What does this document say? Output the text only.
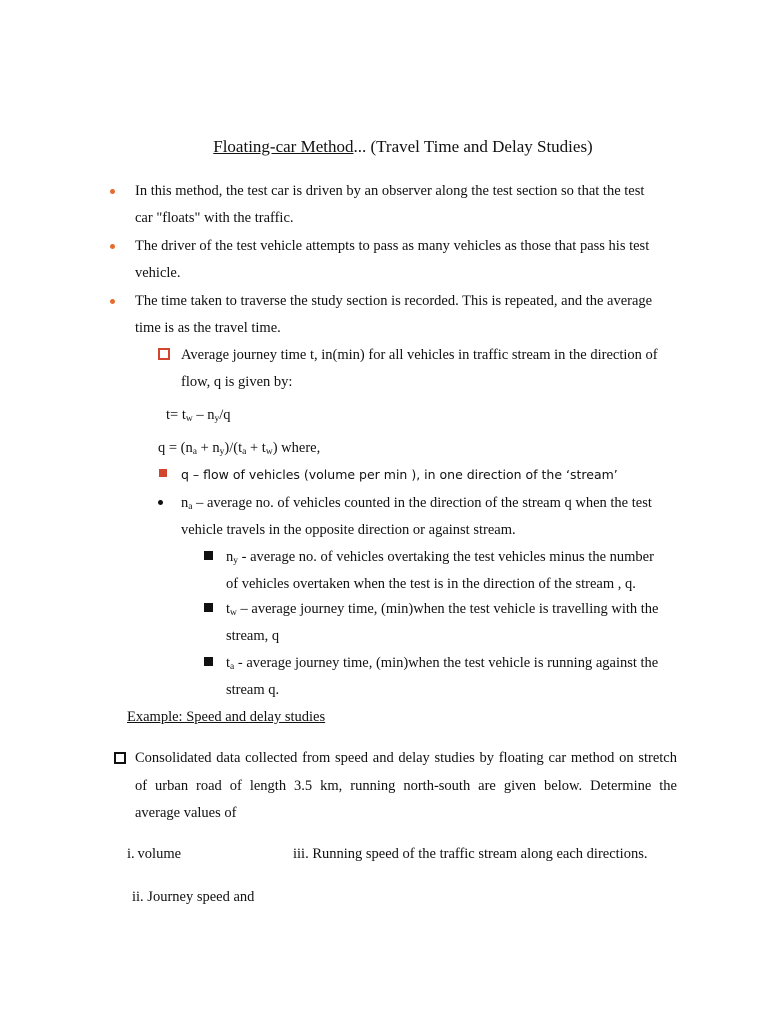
Floating-car Method... (Travel Time and Delay Studies)
In this method, the test car is driven by an observer along the test section so that the test
car "floats" with the traffic.
The driver of the test vehicle attempts to pass as many vehicles as those that pass his test
vehicle.
The time taken to traverse the study section is recorded. This is repeated, and the average
time is as the travel time.
Average journey time t, in(min) for all vehicles in traffic stream in the direction of
flow, q is given by:
$t= t_w - n_y/q$
$q = (n_a + n_y)/(t_a + t_w)$ where,
q – flow of vehicles (volume per min ), in one direction of the ‘stream’
$n_a$ – average no. of vehicles counted in the direction of the stream q when the test
vehicle travels in the opposite direction or against stream.
$n_y$ - average no. of vehicles overtaking the test vehicles minus the number
of vehicles overtaken when the test is in the direction of the stream , q.
$t_w$ – average journey time, (min)when the test vehicle is travelling with the
stream, q
$t_a$ - average journey time, (min)when the test vehicle is running against the
stream q.
Example: Speed and delay studies
Consolidated data collected from speed and delay studies by floating car method on stretch
of urban road of length 3.5 km, running north-south are given below. Determine the
average values of
i. volume	iii. Running speed of the traffic stream along each directions.
ii. Journey speed and
